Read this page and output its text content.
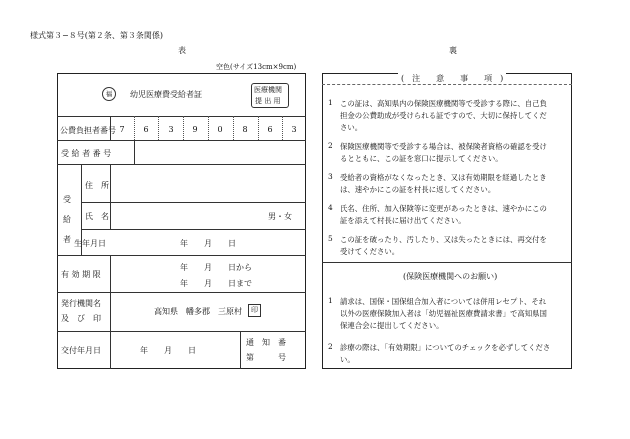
様式第３−８号(第２条、第３条関係)
表	裏
空色(サイズ13cm×9cm)
福	幼児医療費受給者証	医療機関
提 出 用
公費負担者番号 7	6	3	9	0	8	6	3
受 給 者 番 号
受給者
住　所
氏　名	男・女
生年月日	年　　月　　日
有 効 期 限
年　　月　　日から
年　　月　　日まで
発行機関名
及　び　印
高知県　幡多郡　三原村	印
交付年月日	年　　月　　日
通　知　番
第　　　号
(　注　　意　　事　　項　)
1 この証は、高知県内の保険医療機関等で受診する際に、自己負
担金の公費助成が受けられる証ですので、大切に保持してくだ
さい。
2 保険医療機関等で受診する場合は、被保険者資格の確認を受け
るとともに、この証を窓口に提示してください。
3 受給者の資格がなくなったとき、又は有効期限を経過したとき
は、速やかにこの証を村長に返してください。
4 氏名、住所、加入保険等に変更があったときは、速やかにこの
証を添えて村長に届け出てください。
5 この証を破ったり、汚したり、又は失ったときには、再交付を
受けてください。
(保険医療機関へのお願い)
1 請求は、国保・国保組合加入者については併用レセプト、それ
以外の医療保険加入者は「幼児福祉医療費請求書」で高知県国
保連合会に提出してください。
2 診療の際は、「有効期限」についてのチェックを必ずしてくださ
い。
